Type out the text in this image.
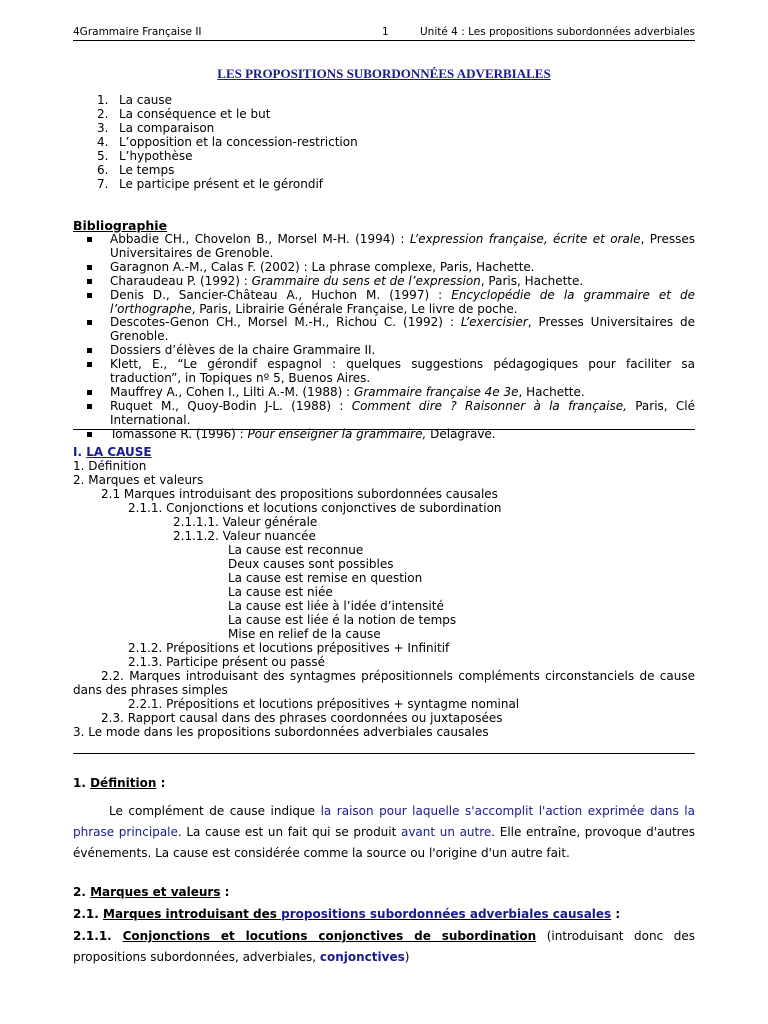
4Grammaire Française II	1	Unité 4 : Les propositions subordonnées adverbiales
LES PROPOSITIONS SUBORDONNÉES ADVERBIALES
1. La cause
2. La conséquence et le but
3. La comparaison
4. L’opposition et la concession-restriction
5. L’hypothèse
6. Le temps
7. Le participe présent et le gérondif
Bibliographie
Abbadie CH., Chovelon B., Morsel M-H. (1994) : L’expression française, écrite et orale, Presses Universitaires de Grenoble.
Garagnon A.-M., Calas F. (2002) : La phrase complexe, Paris, Hachette.
Charaudeau P. (1992) : Grammaire du sens et de l’expression, Paris, Hachette.
Denis D., Sancier-Château A., Huchon M. (1997) : Encyclopédie de la grammaire et de l’orthographe, Paris, Librairie Générale Française, Le livre de poche.
Descotes-Genon CH., Morsel M.-H., Richou C. (1992) : L’exercisier, Presses Universitaires de Grenoble.
Dossiers d’élèves de la chaire Grammaire II.
Klett, E., “Le gérondif espagnol : quelques suggestions pédagogiques pour faciliter sa traduction”, in Topiques nº 5, Buenos Aires.
Mauffrey A., Cohen I., Lilti A.-M. (1988) : Grammaire française 4e 3e, Hachette.
Ruquet M., Quoy-Bodin J-L. (1988) : Comment dire ? Raisonner à la française, Paris, Clé International.
Tomassone R. (1996) : Pour enseigner la grammaire, Delagrave.
I. LA CAUSE
1. Définition
2. Marques et valeurs
2.1 Marques introduisant des propositions subordonnées causales
2.1.1. Conjonctions et locutions conjonctives de subordination
2.1.1.1. Valeur générale
2.1.1.2. Valeur nuancée
La cause est reconnue
Deux causes sont possibles
La cause est remise en question
La cause est niée
La cause est liée à l’idée d’intensité
La cause est liée é la notion de temps
Mise en relief de la cause
2.1.2. Prépositions et locutions prépositives + Infinitif
2.1.3. Participe présent ou passé
2.2. Marques introduisant des syntagmes prépositionnels compléments circonstanciels de cause dans des phrases simples
2.2.1. Prépositions et locutions prépositives + syntagme nominal
2.3. Rapport causal dans des phrases coordonnées ou juxtaposées
3. Le mode dans les propositions subordonnées adverbiales causales
1. Définition :
Le complément de cause indique la raison pour laquelle s'accomplit l'action exprimée dans la phrase principale. La cause est un fait qui se produit avant un autre. Elle entraîne, provoque d'autres événements. La cause est considérée comme la source ou l'origine d'un autre fait.
2. Marques et valeurs :
2.1. Marques introduisant des propositions subordonnées adverbiales causales :
2.1.1. Conjonctions et locutions conjonctives de subordination (introduisant donc des propositions subordonnées, adverbiales, conjonctives)
